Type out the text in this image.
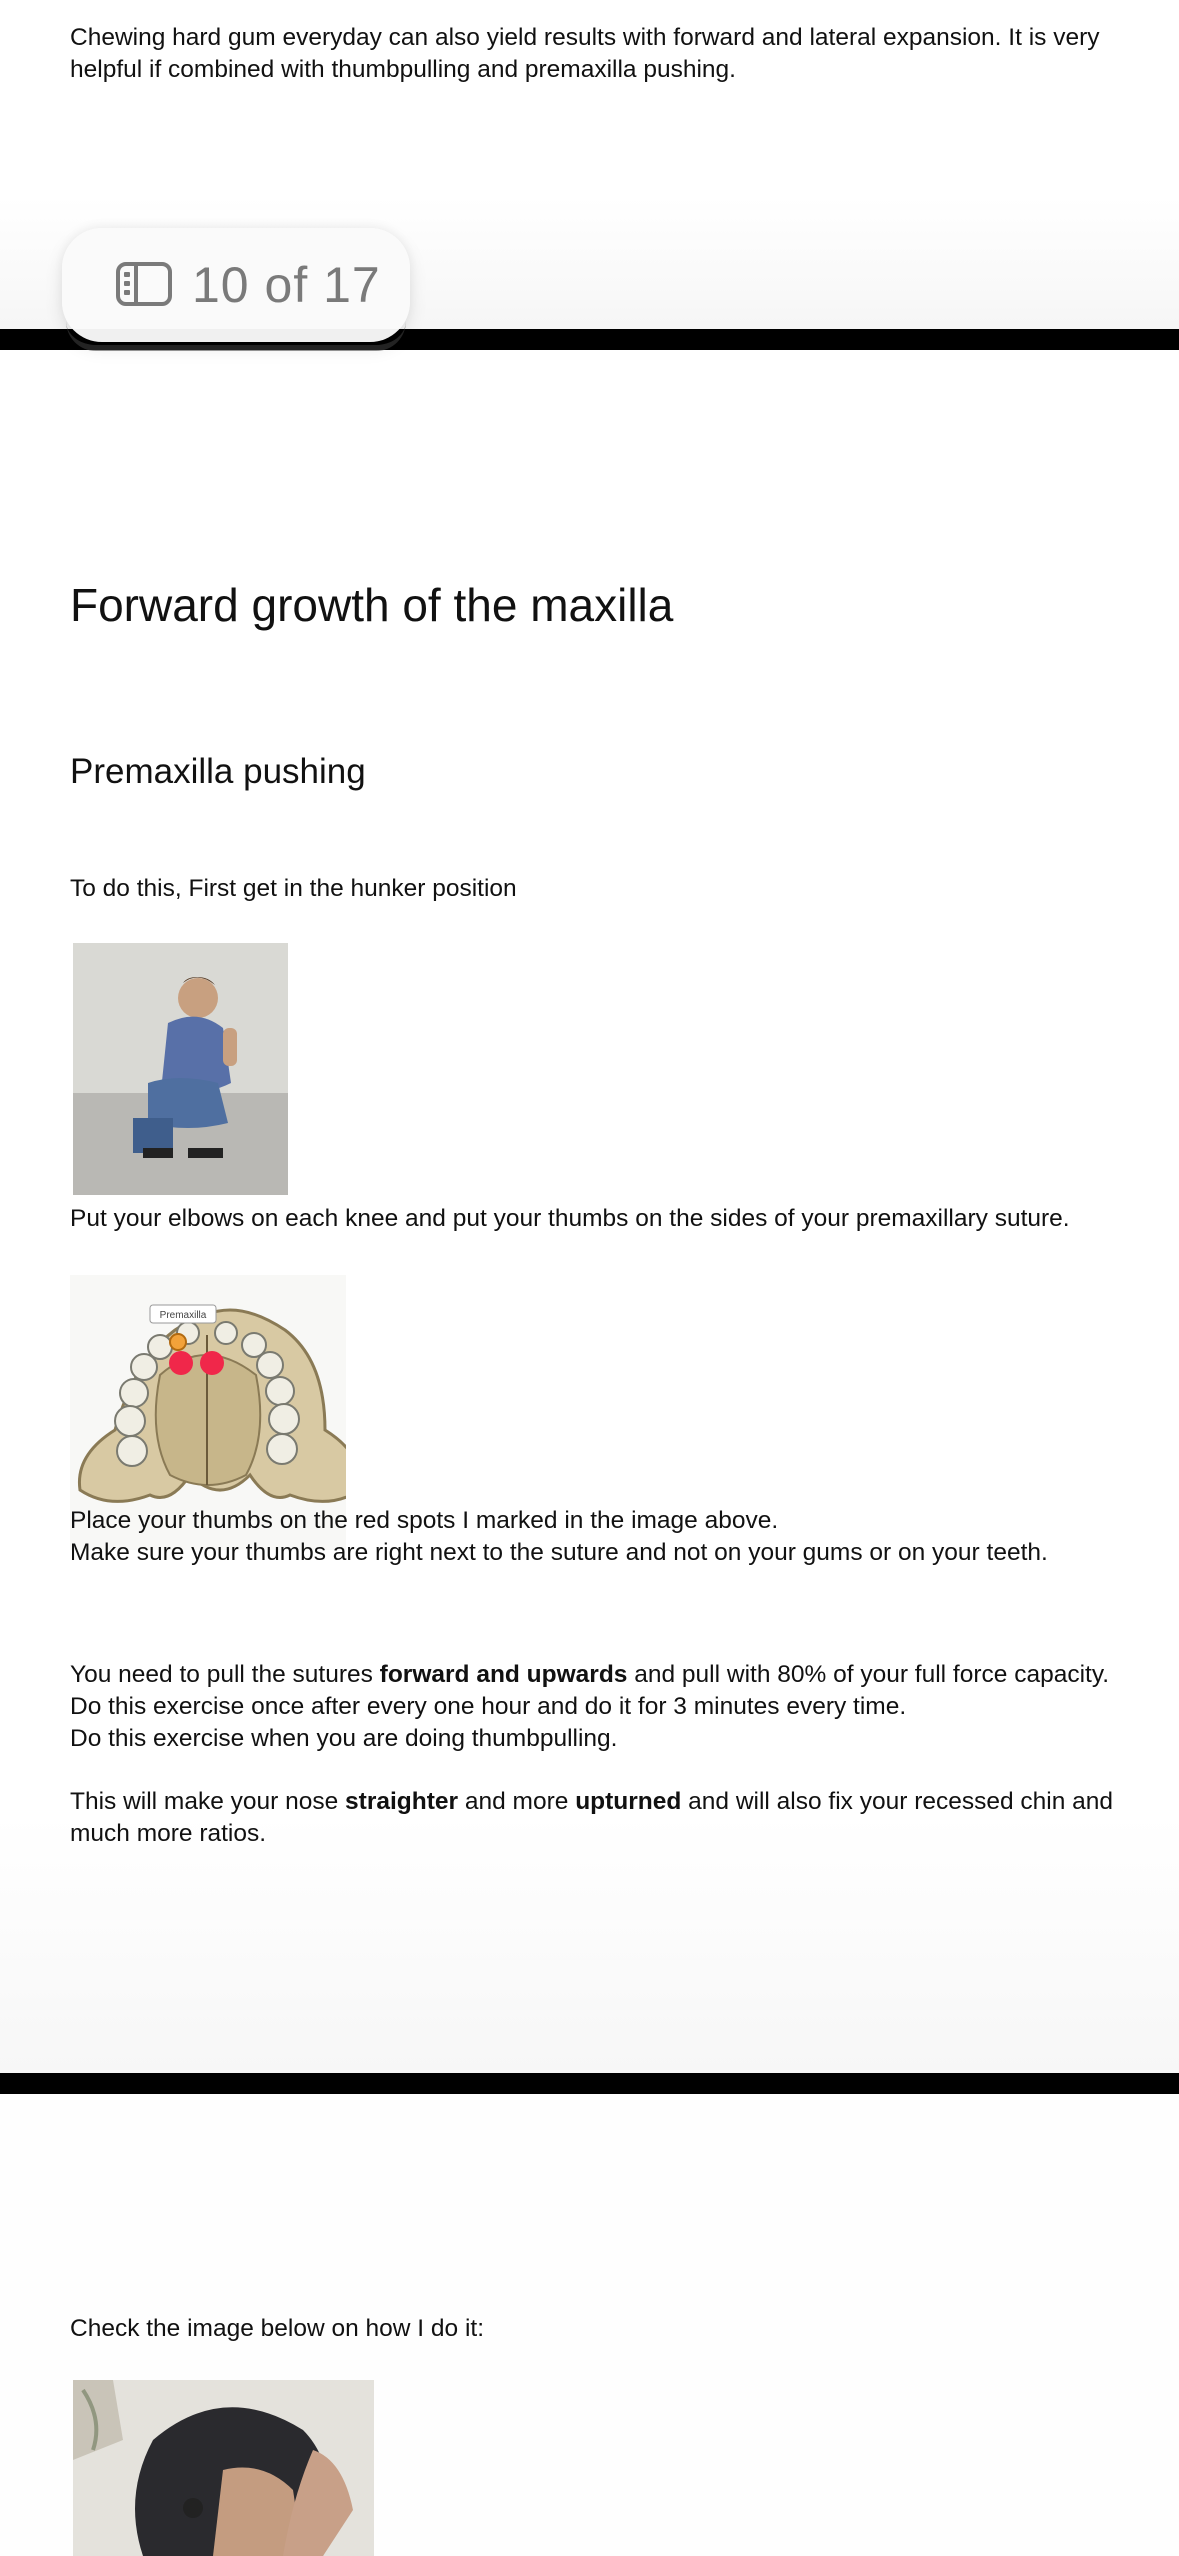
Chewing hard gum everyday can also yield results with forward and lateral expansion. It is very
helpful if combined with thumbpulling and premaxilla pushing.

Forward growth of the maxilla
Premaxilla pushing

To do this, First get in the hunker position

Put your elbows on each knee and put your thumbs on the sides of your premaxillary suture.

Premaxilla

Place your thumbs on the red spots I marked in the image above.
Make sure your thumbs are right next to the suture and not on your gums or on your teeth.

You need to pull the sutures forward and upwards and pull with 80% of your full force capacity.
Do this exercise once after every one hour and do it for 3 minutes every time.
Do this exercise when you are doing thumbpulling.

This will make your nose straighter and more upturned and will also fix your recessed chin and
much more ratios.

Check the image below on how I do it:

10 of 17
